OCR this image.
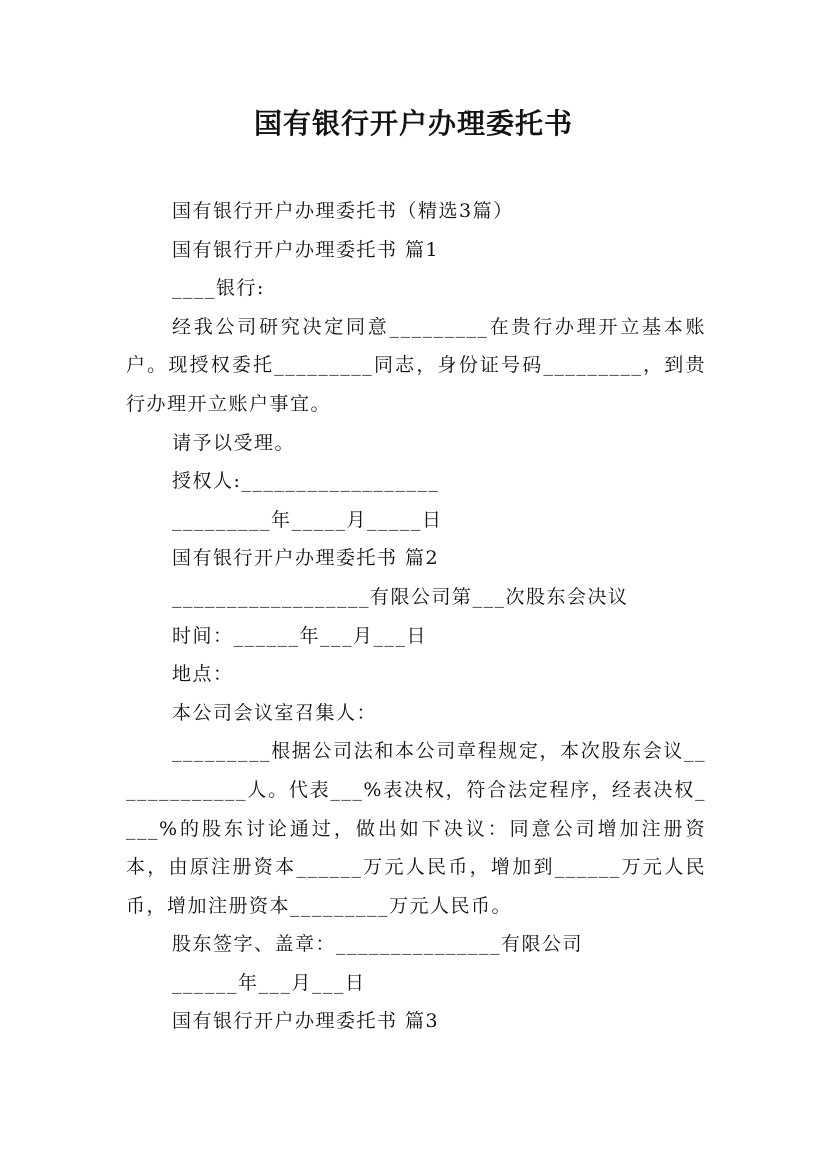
国有银行开户办理委托书

国有银行开户办理委托书（精选3篇）

国有银行开户办理委托书 篇1

____银行:

经我公司研究决定同意_________在贵行办理开立基本账户。现授权委托_________同志，身份证号码_________，到贵行办理开立账户事宜。

请予以受理。

授权人:__________________

_________年_____月_____日

国有银行开户办理委托书 篇2

__________________有限公司第___次股东会决议

时间：______年___月___日

地点：

本公司会议室召集人：

_________根据公司法和本公司章程规定，本次股东会议_____________人。代表___%表决权，符合法定程序，经表决权____%的股东讨论通过，做出如下决议：同意公司增加注册资本，由原注册资本______万元人民币，增加到______万元人民币，增加注册资本_________万元人民币。

股东签字、盖章：_______________有限公司

______年___月___日

国有银行开户办理委托书 篇3
